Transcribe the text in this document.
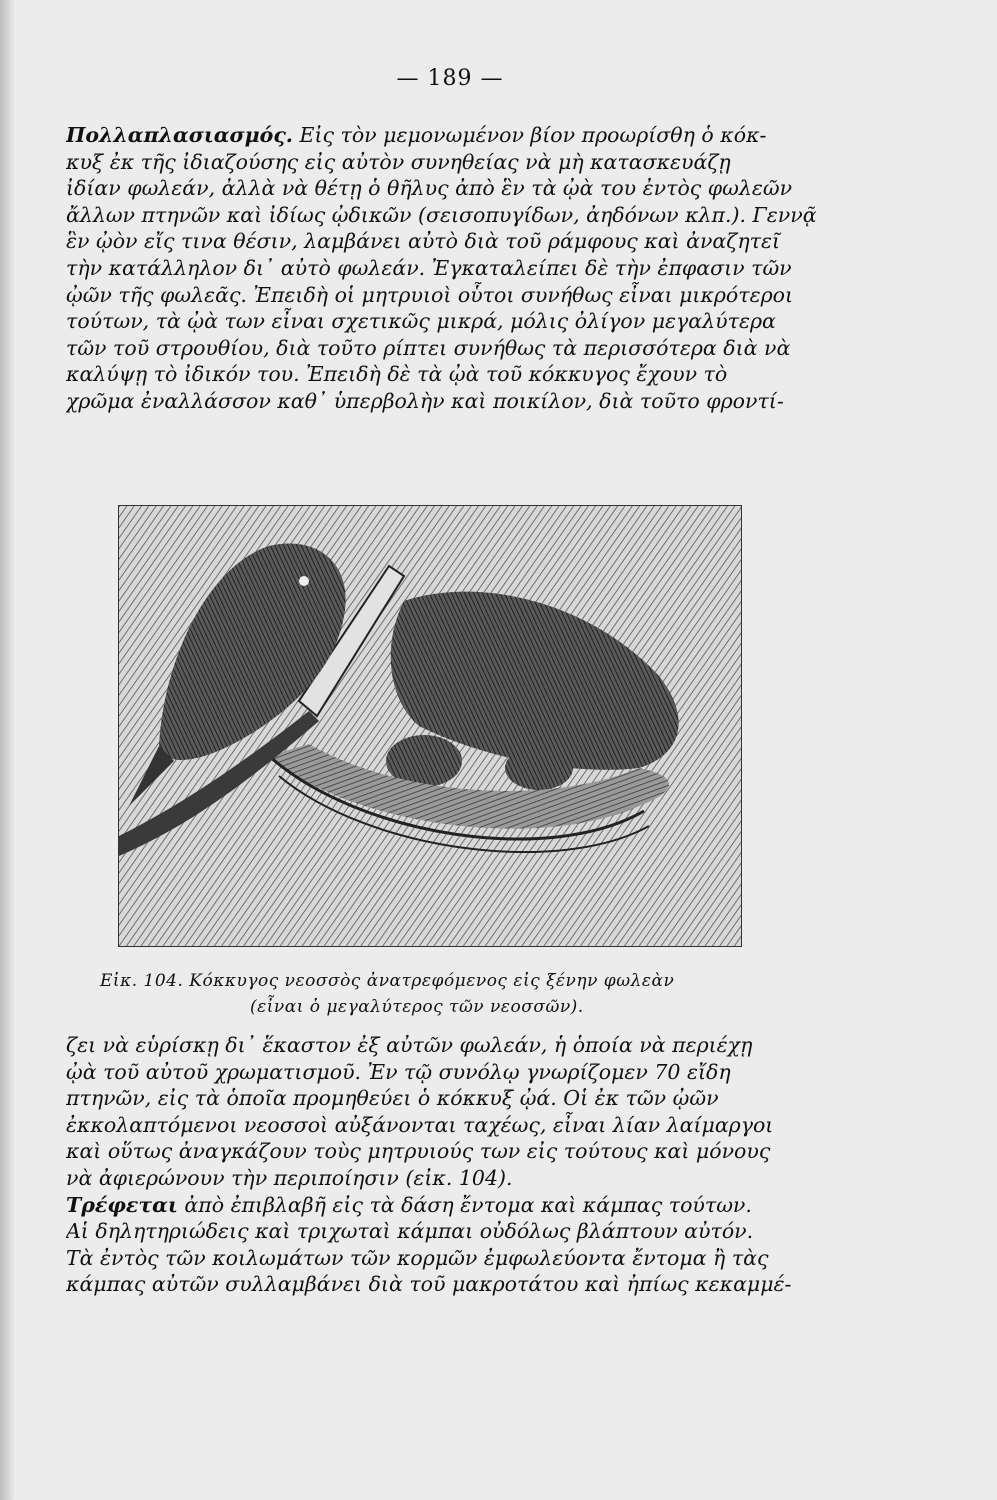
— 189 —
Πολλαπλασιασμός. Εἰς τὸν μεμονωμένον βίον προωρίσθη ὁ κόκ-
κυξ ἐκ τῆς ἰδιαζούσης εἰς αὐτὸν συνηθείας νὰ μὴ κατασκευάζῃ
ἰδίαν φωλεάν, ἀλλὰ νὰ θέτῃ ὁ θῆλυς ἀπὸ ἓν τὰ ᾠὰ του ἐντὸς φωλεῶν
ἄλλων πτηνῶν καὶ ἰδίως ᾠδικῶν (σεισοπυγίδων, ἀηδόνων κλπ.). Γεννᾷ
ἓν ᾠὸν εἴς τινα θέσιν, λαμβάνει αὐτὸ διὰ τοῦ ράμφους καὶ ἀναζητεῖ
τὴν κατάλληλον δι᾽ αὐτὸ φωλεάν. Ἐγκαταλείπει δὲ τὴν ἐπφασιν τῶν
ᾠῶν τῆς φωλεᾶς. Ἐπειδὴ οἱ μητρυιοὶ οὗτοι συνήθως εἶναι μικρότεροι
τούτων, τὰ ᾠὰ των εἶναι σχετικῶς μικρά, μόλις ὀλίγον μεγαλύτερα
τῶν τοῦ στρουθίου, διὰ τοῦτο ρίπτει συνήθως τὰ περισσότερα διὰ νὰ
καλύψῃ τὸ ἰδικόν του. Ἐπειδὴ δὲ τὰ ᾠὰ τοῦ κόκκυγος ἔχουν τὸ
χρῶμα ἐναλλάσσον καθ᾽ ὑπερβολὴν καὶ ποικίλον, διὰ τοῦτο φροντί-
Εἰκ. 104. Κόκκυγος νεοσσὸς ἀνατρεφόμενος εἰς ξένην φωλεὰν
(εἶναι ὁ μεγαλύτερος τῶν νεοσσῶν).
ζει νὰ εὑρίσκῃ δι᾽ ἕκαστον ἐξ αὐτῶν φωλεάν, ἡ ὁποία νὰ περιέχῃ
ᾠὰ τοῦ αὐτοῦ χρωματισμοῦ. Ἐν τῷ συνόλῳ γνωρίζομεν 70 εἴδη
πτηνῶν, εἰς τὰ ὁποῖα προμηθεύει ὁ κόκκυξ ᾠά. Οἱ ἐκ τῶν ᾠῶν
ἐκκολαπτόμενοι νεοσσοὶ αὐξάνονται ταχέως, εἶναι λίαν λαίμαργοι
καὶ οὕτως ἀναγκάζουν τοὺς μητρυιούς των εἰς τούτους καὶ μόνους
νὰ ἀφιερώνουν τὴν περιποίησιν (εἰκ. 104).
Τρέφεται ἀπὸ ἐπιβλαβῆ εἰς τὰ δάση ἔντομα καὶ κάμπας τούτων.
Αἱ δηλητηριώδεις καὶ τριχωταὶ κάμπαι οὐδόλως βλάπτουν αὐτόν.
Τὰ ἐντὸς τῶν κοιλωμάτων τῶν κορμῶν ἐμφωλεύοντα ἔντομα ἢ τὰς
κάμπας αὐτῶν συλλαμβάνει διὰ τοῦ μακροτάτου καὶ ἠπίως κεκαμμέ-
